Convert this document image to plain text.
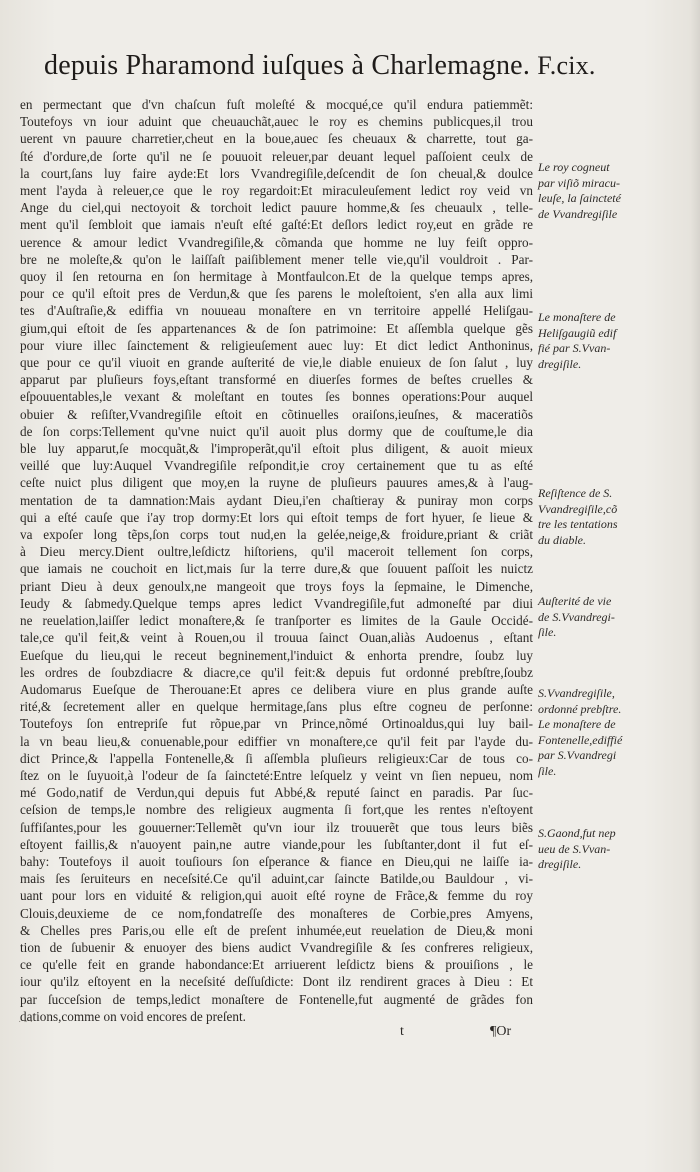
depuis Pharamond iuſques à Charlemagne. F.cix.
en permectant que d'vn chaſcun fuſt moleſté & mocqué,ce qu'il endura patiemmẽt:
Toutefoys vn iour aduint que cheuauchãt,auec le roy es chemins publicques,il trou
uerent vn pauure charretier,cheut en la boue,auec ſes cheuaux & charrette, tout ga-
ſté d'ordure,de ſorte qu'il ne ſe pouuoit releuer,par deuant lequel paſſoient ceulx de
la court,ſans luy faire ayde:Et lors Vvandregiſile,deſcendit de ſon cheual,& doulce
ment l'ayda à releuer,ce que le roy regardoit:Et miraculeuſement ledict roy veid vn
Ange du ciel,qui nectoyoit & torchoit ledict pauure homme,& ſes cheuaulx , telle-
ment qu'il ſembloit que iamais n'euſt eſté gaſté:Et deſlors ledict roy,eut en grãde re
uerence & amour ledict Vvandregiſile,& cõmanda que homme ne luy feiſt oppro-
bre ne moleſte,& qu'on le laiſſaſt paiſiblement mener telle vie,qu'il vouldroit . Par-
quoy il ſen retourna en ſon hermitage à Montfaulcon.Et de la quelque temps apres,
pour ce qu'il eſtoit pres de Verdun,& que ſes parens le moleſtoient, s'en alla aux limi
tes d'Auſtraſie,& ediffia vn nouueau monaſtere en vn territoire appellé Heliſgau-
gium,qui eſtoit de ſes appartenances & de ſon patrimoine: Et aſſembla quelque gẽs
pour viure illec ſainctement & religieuſement auec luy: Et dict ledict Anthoninus,
que pour ce qu'il viuoit en grande auſterité de vie,le diable enuieux de ſon ſalut , luy
apparut par pluſieurs foys,eſtant transformé en diuerſes formes de beſtes cruelles &
eſpouuentables,le vexant & moleſtant en toutes ſes bonnes operations:Pour auquel
obuier & reſiſter,Vvandregiſile eſtoit en cõtinuelles oraiſons,ieuſnes, & maceratiõs
de ſon corps:Tellement qu'vne nuict qu'il auoit plus dormy que de couſtume,le dia
ble luy apparut,ſe mocquãt,& l'improperãt,qu'il eſtoit plus diligent, & auoit mieux
veillé que luy:Auquel Vvandregiſile reſpondit,ie croy certainement que tu as eſté
ceſte nuict plus diligent que moy,en la ruyne de pluſieurs pauures ames,& à l'aug-
mentation de ta damnation:Mais aydant Dieu,i'en chaſtieray & puniray mon corps
qui a eſté cauſe que i'ay trop dormy:Et lors qui eſtoit temps de fort hyuer, ſe lieue &
va expoſer long tẽps,ſon corps tout nud,en la gelée,neige,& froidure,priant & criãt
à Dieu mercy.Dient oultre,leſdictz hiſtoriens, qu'il maceroit tellement ſon corps,
que iamais ne couchoit en lict,mais ſur la terre dure,& que ſouuent paſſoit les nuictz
priant Dieu à deux genoulx,ne mangeoit que troys foys la ſepmaine, le Dimenche,
Ieudy & ſabmedy.Quelque temps apres ledict Vvandregiſile,fut admoneſté par diui
ne reuelation,laiſſer ledict monaſtere,& ſe tranſporter es limites de la Gaule Occidé-
tale,ce qu'il feit,& veint à Rouen,ou il trouua ſainct Ouan,aliàs Audoenus , eſtant
Eueſque du lieu,qui le receut begninement,l'induict & enhorta prendre, ſoubz luy
les ordres de ſoubzdiacre & diacre,ce qu'il feit:& depuis fut ordonné prebſtre,ſoubz
Audomarus Eueſque de Therouane:Et apres ce delibera viure en plus grande auſte
rité,& ſecretement aller en quelque hermitage,ſans plus eſtre cogneu de perſonne:
Toutefoys ſon entrepriſe fut rõpue,par vn Prince,nõmé Ortinoaldus,qui luy bail-
la vn beau lieu,& conuenable,pour ediffier vn monaſtere,ce qu'il feit par l'ayde du-
dict Prince,& l'appella Fontenelle,& ſi aſſembla pluſieurs religieux:Car de tous co-
ſtez on le ſuyuoit,à l'odeur de ſa ſaincteté:Entre leſquelz y veint vn ſien nepueu, nom
mé Godo,natif de Verdun,qui depuis fut Abbé,& reputé ſainct en paradis. Par ſuc-
ceſsion de temps,le nombre des religieux augmenta ſi fort,que les rentes n'eſtoyent
ſuffiſantes,pour les gouuerner:Tellemẽt qu'vn iour ilz trouuerẽt que tous leurs biẽs
eſtoyent faillis,& n'auoyent pain,ne autre viande,pour les ſubſtanter,dont il fut eſ-
bahy: Toutefoys il auoit touſiours ſon eſperance & fiance en Dieu,qui ne laiſſe ia-
mais ſes ſeruiteurs en neceſsité.Ce qu'il aduint,car ſaincte Batilde,ou Bauldour , vi-
uant pour lors en viduité & religion,qui auoit eſté royne de Frãce,& femme du roy
Clouis,deuxieme de ce nom,fondatreſſe des monaſteres de Corbie,pres Amyens,
& Chelles pres Paris,ou elle eſt de preſent inhumée,eut reuelation de Dieu,& moni
tion de ſubuenir & enuoyer des biens audict Vvandregiſile & ſes confreres religieux,
ce qu'elle feit en grande habondance:Et arriuerent leſdictz biens & prouiſions , le
iour qu'ilz eſtoyent en la neceſsité deſſuſdicte: Dont ilz rendirent graces à Dieu : Et
par ſucceſsion de temps,ledict monaſtere de Fontenelle,fut augmenté de grãdes fon
dations,comme on void encores de preſent.
Le roy cogneut
par viſiõ miracu-
leuſe, la ſaincteté
de Vvandregiſile
Le monaſtere de
Heliſgaugiũ edif
fié par S.Vvan-
dregiſile.
Reſiſtence de S.
Vvandregiſile,cõ
tre les tentations
du diable.
Auſterité de vie
de S.Vvandregi-
ſile.
S.Vvandregiſile,
ordonné prebſtre.
Le monaſtere de
Fontenelle,ediffié
par S.Vvandregi
ſile.
S.Gaond,fut nep
ueu de S.Vvan-
dregiſile.
˙ ˜ ˙	t	¶Or
